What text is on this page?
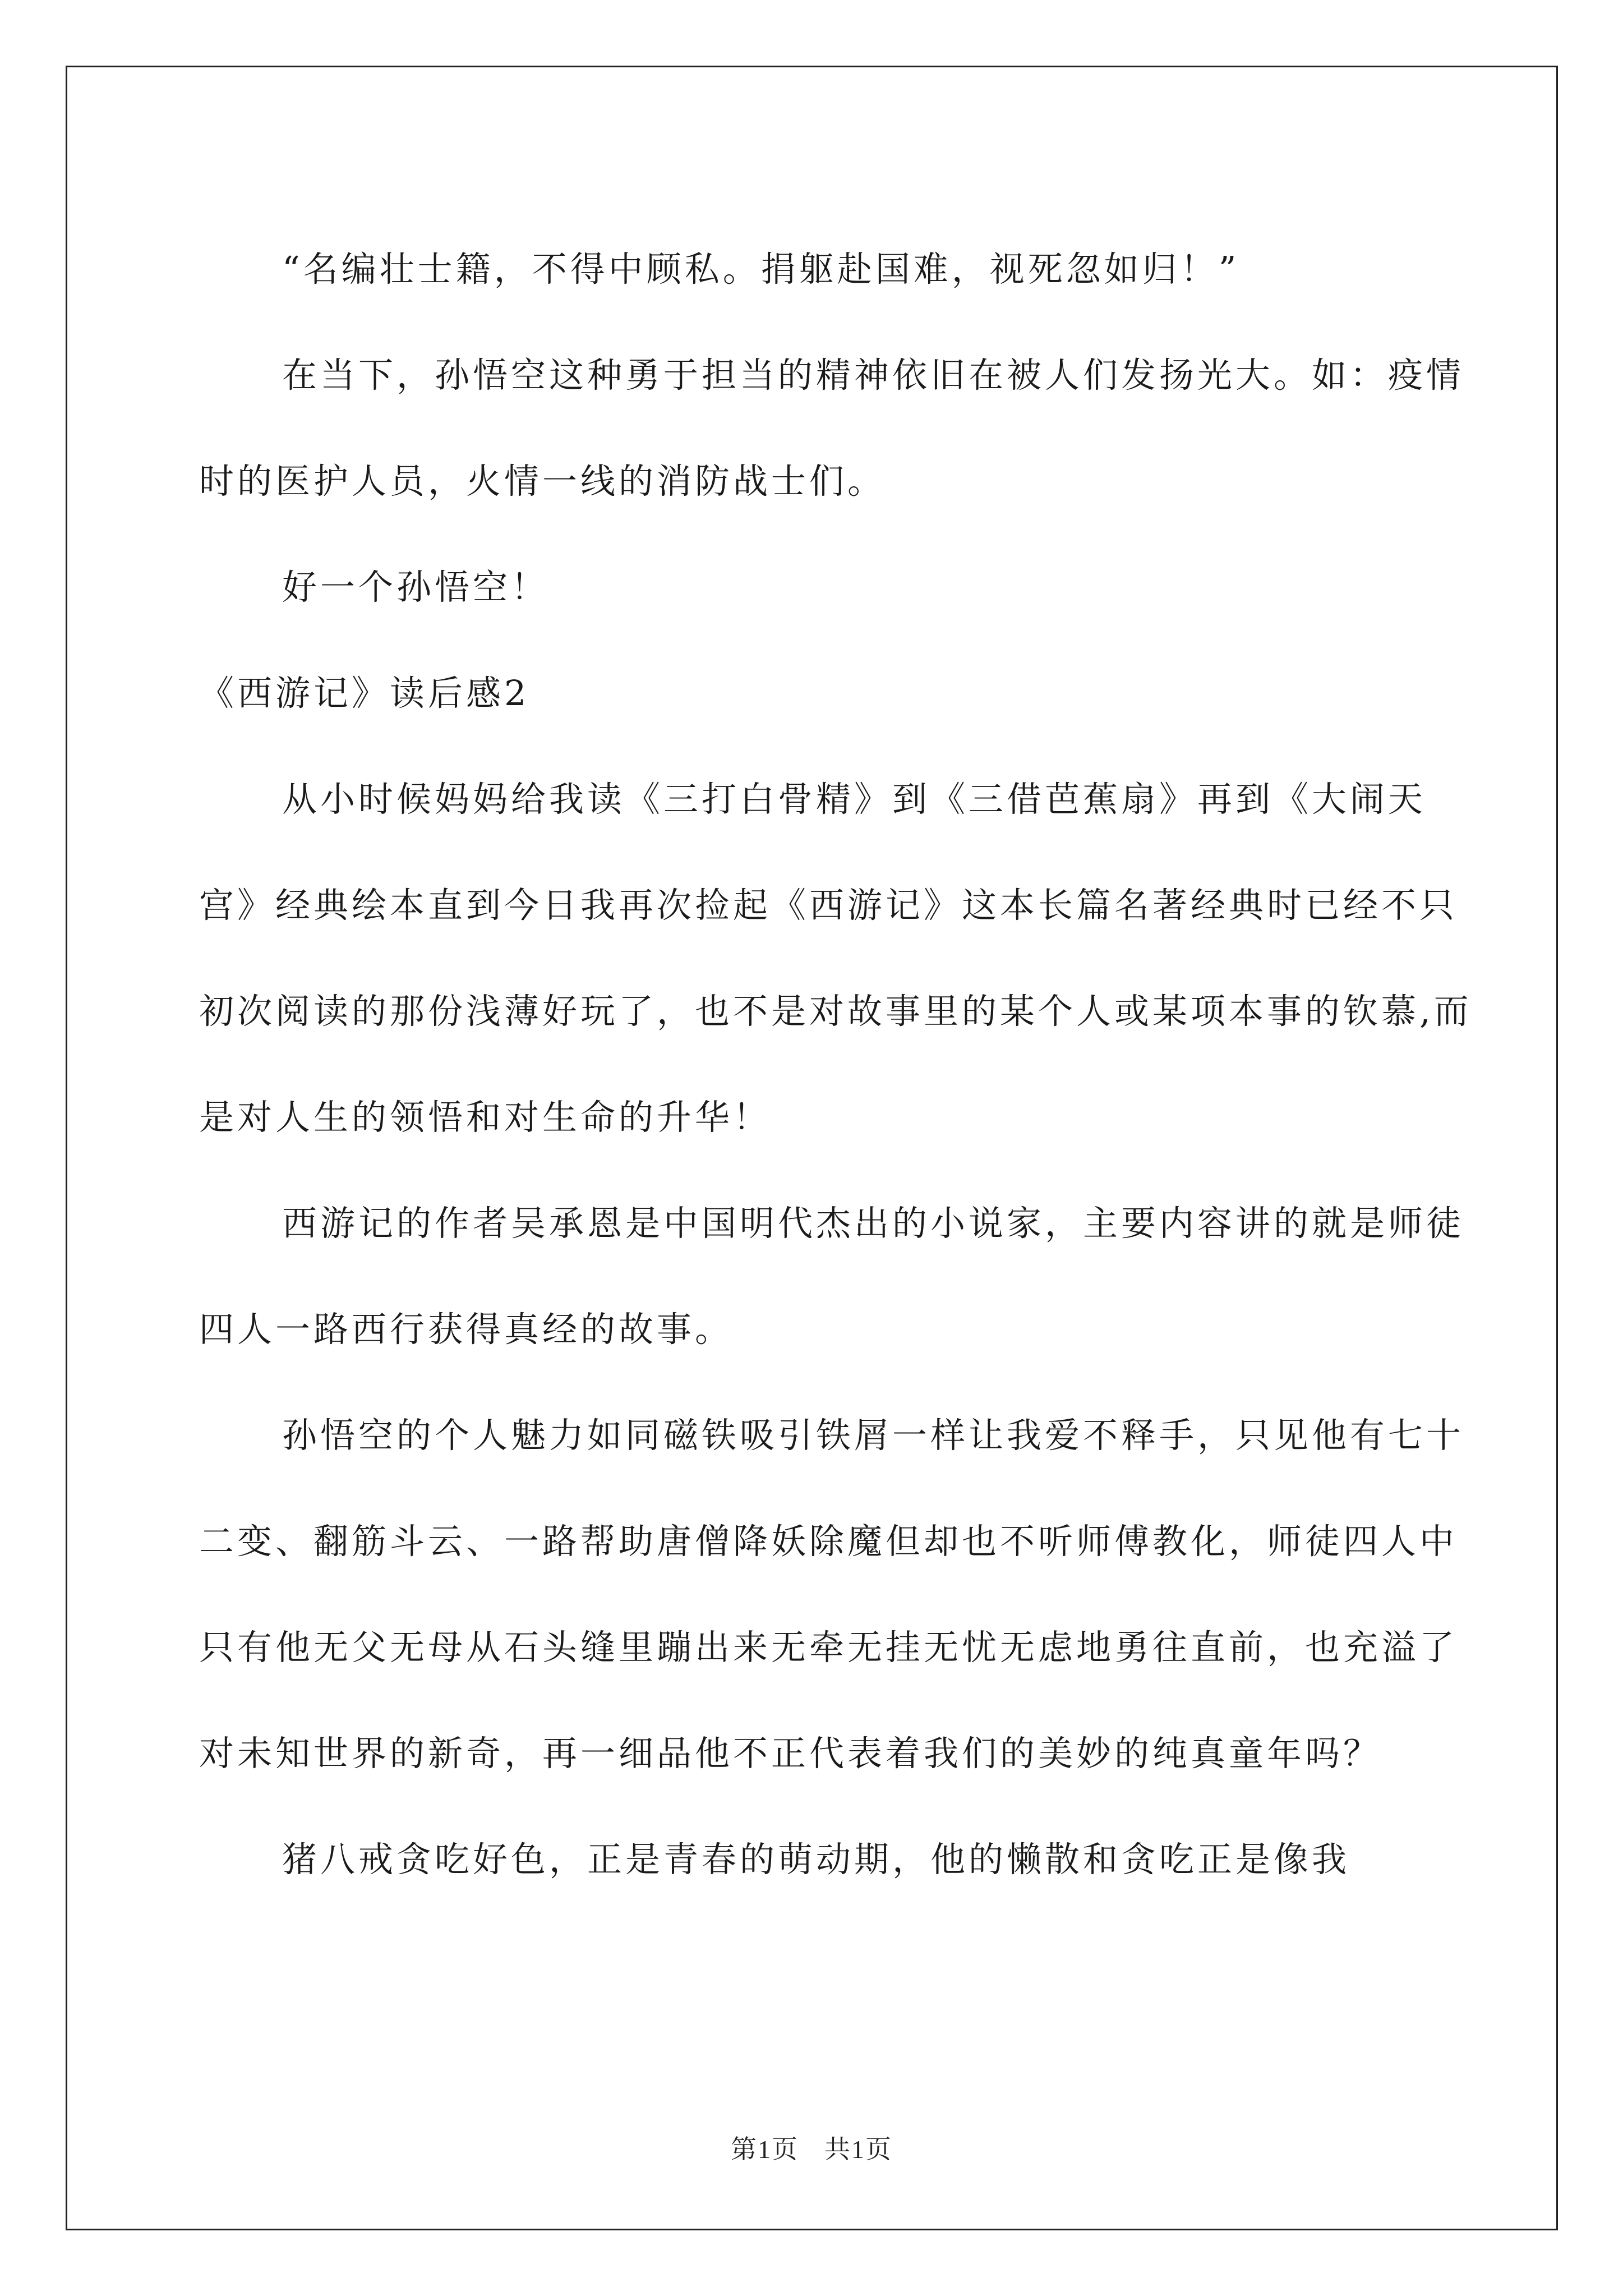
“名编壮士籍，不得中顾私。捐躯赴国难，视死忽如归！”

在当下，孙悟空这种勇于担当的精神依旧在被人们发扬光大。如：疫情时的医护人员，火情一线的消防战士们。

好一个孙悟空！

《西游记》读后感2

从小时候妈妈给我读《三打白骨精》到《三借芭蕉扇》再到《大闹天宫》经典绘本直到今日我再次捡起《西游记》这本长篇名著经典时已经不只初次阅读的那份浅薄好玩了，也不是对故事里的某个人或某项本事的钦慕,而是对人生的领悟和对生命的升华！

西游记的作者吴承恩是中国明代杰出的小说家，主要内容讲的就是师徒四人一路西行获得真经的故事。

孙悟空的个人魅力如同磁铁吸引铁屑一样让我爱不释手，只见他有七十二变、翻筋斗云、一路帮助唐僧降妖除魔但却也不听师傅教化，师徒四人中只有他无父无母从石头缝里蹦出来无牵无挂无忧无虑地勇往直前，也充溢了对未知世界的新奇，再一细品他不正代表着我们的美妙的纯真童年吗？

猪八戒贪吃好色，正是青春的萌动期，他的懒散和贪吃正是像我

第1页 共1页
